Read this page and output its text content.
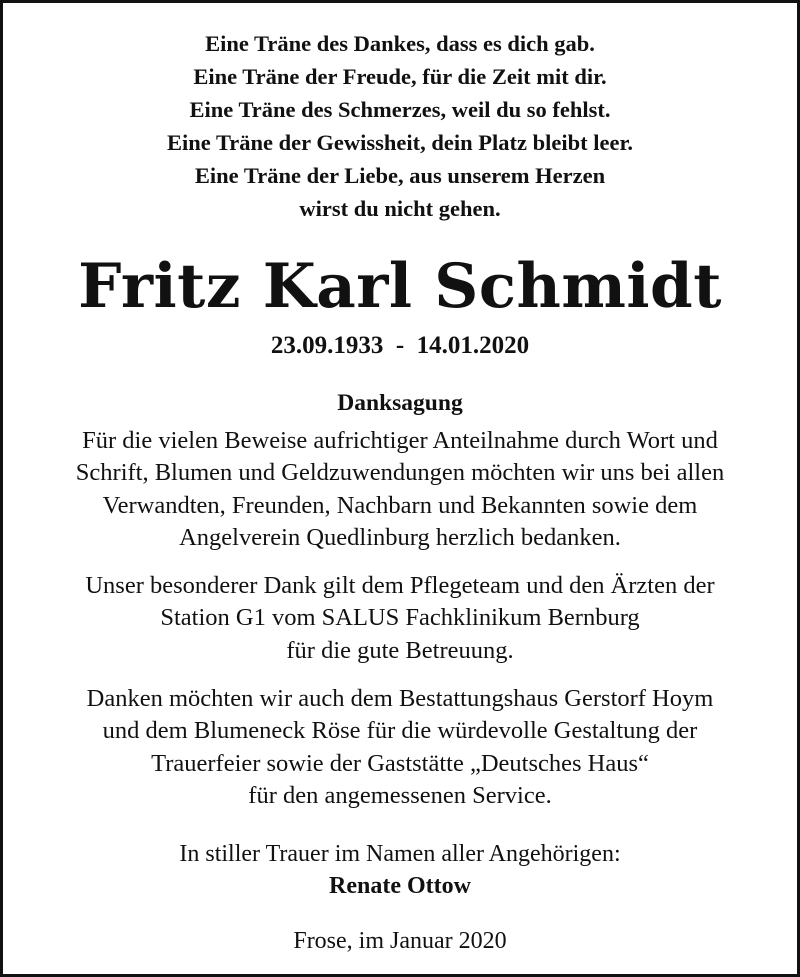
Eine Träne des Dankes, dass es dich gab.
Eine Träne der Freude, für die Zeit mit dir.
Eine Träne des Schmerzes, weil du so fehlst.
Eine Träne der Gewissheit, dein Platz bleibt leer.
Eine Träne der Liebe, aus unserem Herzen
wirst du nicht gehen.
Fritz Karl Schmidt
23.09.1933  -  14.01.2020
Danksagung
Für die vielen Beweise aufrichtiger Anteilnahme durch Wort und
Schrift, Blumen und Geldzuwendungen möchten wir uns bei allen
Verwandten, Freunden, Nachbarn und Bekannten sowie dem
Angelverein Quedlinburg herzlich bedanken.
Unser besonderer Dank gilt dem Pflegeteam und den Ärzten der
Station G1 vom SALUS Fachklinikum Bernburg
für die gute Betreuung.
Danken möchten wir auch dem Bestattungshaus Gerstorf Hoym
und dem Blumeneck Röse für die würdevolle Gestaltung der
Trauerfeier sowie der Gaststätte „Deutsches Haus“
für den angemessenen Service.
In stiller Trauer im Namen aller Angehörigen:
Renate Ottow
Frose, im Januar 2020
